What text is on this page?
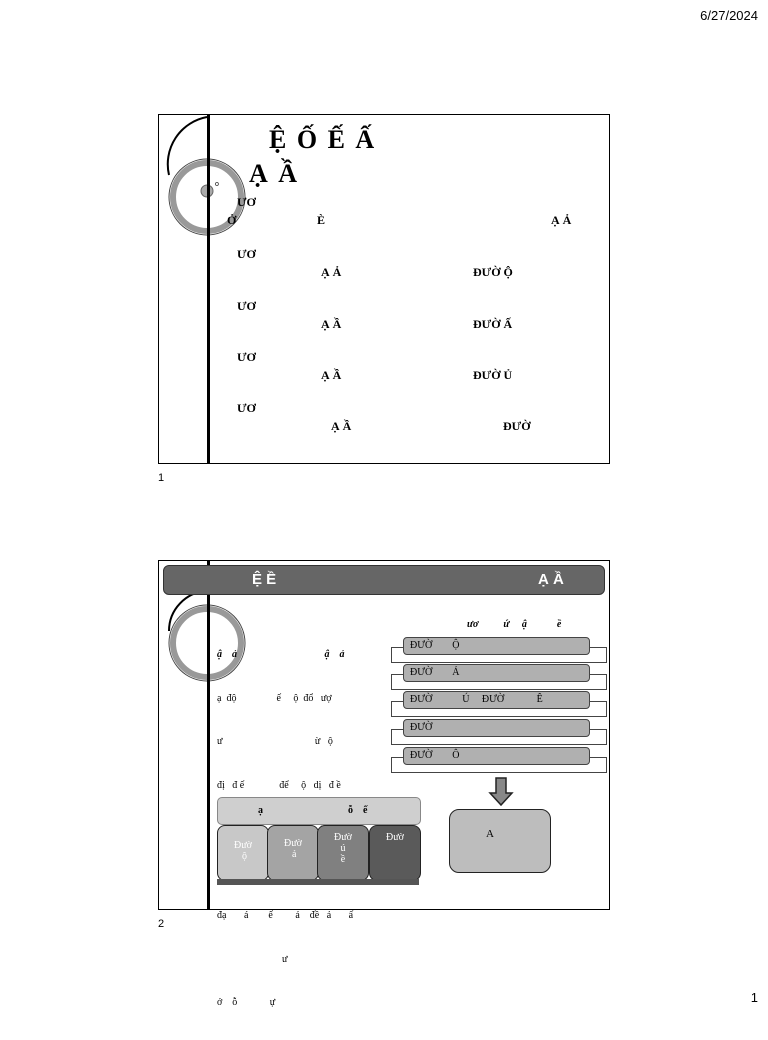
6/27/2024
Ệ Ố Ế Ấ
Ạ Ầ
o
ƯƠ
Ở	È	Ạ Ả
ƯƠ
Ạ Ả	ĐƯỜ Ộ
ƯƠ
Ạ Ầ	ĐƯỜ Ấ
ƯƠ
Ạ Ầ	ĐƯỜ Ủ
ƯƠ
Ạ Ầ	ĐƯỜ
1
Ệ Ề	Ạ Ầ

ậ    ả                                   ậ    ả

ạ  độ                ế     ộ  đổ   ượ

ư                                     ừ   ộ

đị   đ ế              để     ộ   dị   đ ề

đạ       á        ế         ả    đề   ả       ấ

ư

ớ    ỗ             ự

ươ          ứ     ậ            ề
ĐƯỜ        Ộ
ĐƯỜ        Ả
ĐƯỜ            Ú     ĐƯỜ             Ê
ĐƯỜ
ĐƯỜ        Ô
A

ạ                                  ỗ    ế

Đườ
ộ
Đườ
ả
Đườ
ú
ề
Đườ
2
1
